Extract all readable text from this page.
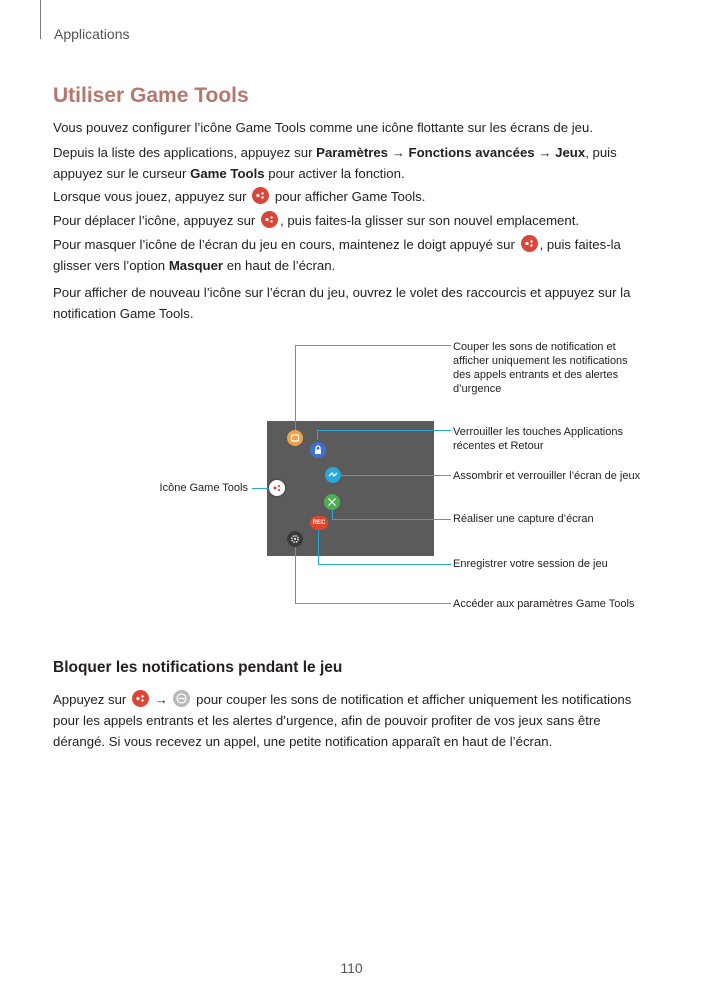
Applications
Utiliser Game Tools

Vous pouvez configurer l’icône Game Tools comme une icône flottante sur les écrans de jeu.

Depuis la liste des applications, appuyez sur Paramètres → Fonctions avancées → Jeux, puis appuyez sur le curseur Game Tools pour activer la fonction.

Lorsque vous jouez, appuyez sur
pour afficher Game Tools.

Pour déplacer l’icône, appuyez sur
, puis faites-la glisser sur son nouvel emplacement.

Pour masquer l’icône de l’écran du jeu en cours, maintenez le doigt appuyé sur
, puis faites-la glisser vers l’option Masquer en haut de l’écran.

Pour afficher de nouveau l’icône sur l’écran du jeu, ouvrez le volet des raccourcis et appuyez sur la notification Game Tools.

REC
Icône Game Tools

Couper les sons de notification et afficher uniquement les notifications des appels entrants et des alertes d’urgence

Verrouiller les touches Applications récentes et Retour

Assombrir et verrouiller l’écran de jeux

Réaliser une capture d’écran

Enregistrer votre session de jeu

Accéder aux paramètres Game Tools

Bloquer les notifications pendant le jeu

Appuyez sur
→
pour couper les sons de notification et afficher uniquement les notifications pour les appels entrants et les alertes d’urgence, afin de pouvoir profiter de vos jeux sans être dérangé. Si vous recevez un appel, une petite notification apparaît en haut de l’écran.

110
